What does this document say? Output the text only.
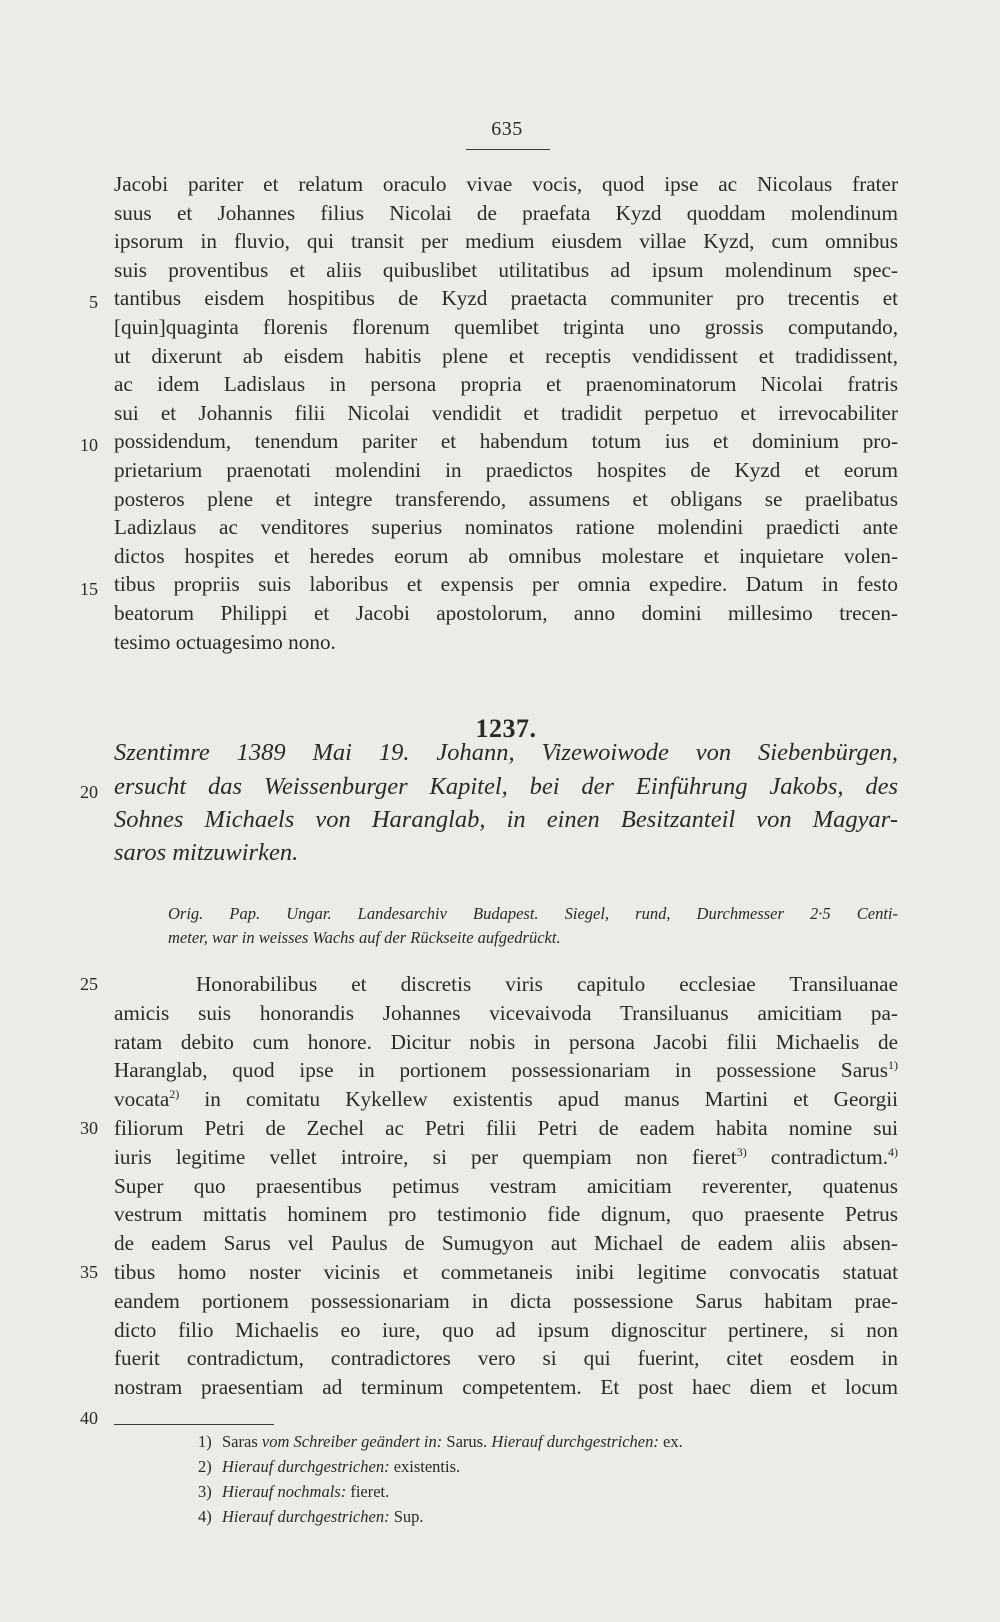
635
Jacobi pariter et relatum oraculo vivae vocis, quod ipse ac Nicolaus frater
suus et Johannes filius Nicolai de praefata Kyzd quoddam molendinum
ipsorum in fluvio, qui transit per medium eiusdem villae Kyzd, cum omnibus
suis proventibus et aliis quibuslibet utilitatibus ad ipsum molendinum spec-
tantibus eisdem hospitibus de Kyzd praetacta communiter pro trecentis et
[quin]quaginta florenis florenum quemlibet triginta uno grossis computando,
ut dixerunt ab eisdem habitis plene et receptis vendidissent et tradidissent,
ac idem Ladislaus in persona propria et praenominatorum Nicolai fratris
sui et Johannis filii Nicolai vendidit et tradidit perpetuo et irrevocabiliter
possidendum, tenendum pariter et habendum totum ius et dominium pro-
prietarium praenotati molendini in praedictos hospites de Kyzd et eorum
posteros plene et integre transferendo, assumens et obligans se praelibatus
Ladizlaus ac venditores superius nominatos ratione molendini praedicti ante
dictos hospites et heredes eorum ab omnibus molestare et inquietare volen-
tibus propriis suis laboribus et expensis per omnia expedire. Datum in festo
beatorum Philippi et Jacobi apostolorum, anno domini millesimo trecen-
tesimo octuagesimo nono.
1237.
Szentimre 1389 Mai 19. Johann, Vizewoiwode von Siebenbürgen,
ersucht das Weissenburger Kapitel, bei der Einführung Jakobs, des
Sohnes Michaels von Haranglab, in einen Besitzanteil von Magyar-
saros mitzuwirken.
Orig. Pap. Ungar. Landesarchiv Budapest. Siegel, rund, Durchmesser 2·5 Centi-
meter, war in weisses Wachs auf der Rückseite aufgedrückt.
Honorabilibus et discretis viris capitulo ecclesiae Transiluanae
amicis suis honorandis Johannes vicevaivoda Transiluanus amicitiam pa-
ratam debito cum honore. Dicitur nobis in persona Jacobi filii Michaelis de
Haranglab, quod ipse in portionem possessionariam in possessione Sarus$^{1)}$
vocata$^{2)}$ in comitatu Kykellew existentis apud manus Martini et Georgii
filiorum Petri de Zechel ac Petri filii Petri de eadem habita nomine sui
iuris legitime vellet introire, si per quempiam non fieret$^{3)}$ contradictum.$^{4)}$
Super quo praesentibus petimus vestram amicitiam reverenter, quatenus
vestrum mittatis hominem pro testimonio fide dignum, quo praesente Petrus
de eadem Sarus vel Paulus de Sumugyon aut Michael de eadem aliis absen-
tibus homo noster vicinis et commetaneis inibi legitime convocatis statuat
eandem portionem possessionariam in dicta possessione Sarus habitam prae-
dicto filio Michaelis eo iure, quo ad ipsum dignoscitur pertinere, si non
fuerit contradictum, contradictores vero si qui fuerint, citet eosdem in
nostram praesentiam ad terminum competentem. Et post haec diem et locum
5
10
15
20
25
30
35
40
1) Saras vom Schreiber geändert in: Sarus. Hierauf durchgestrichen: ex.
2) Hierauf durchgestrichen: existentis.
3) Hierauf nochmals: fieret.
4) Hierauf durchgestrichen: Sup.
